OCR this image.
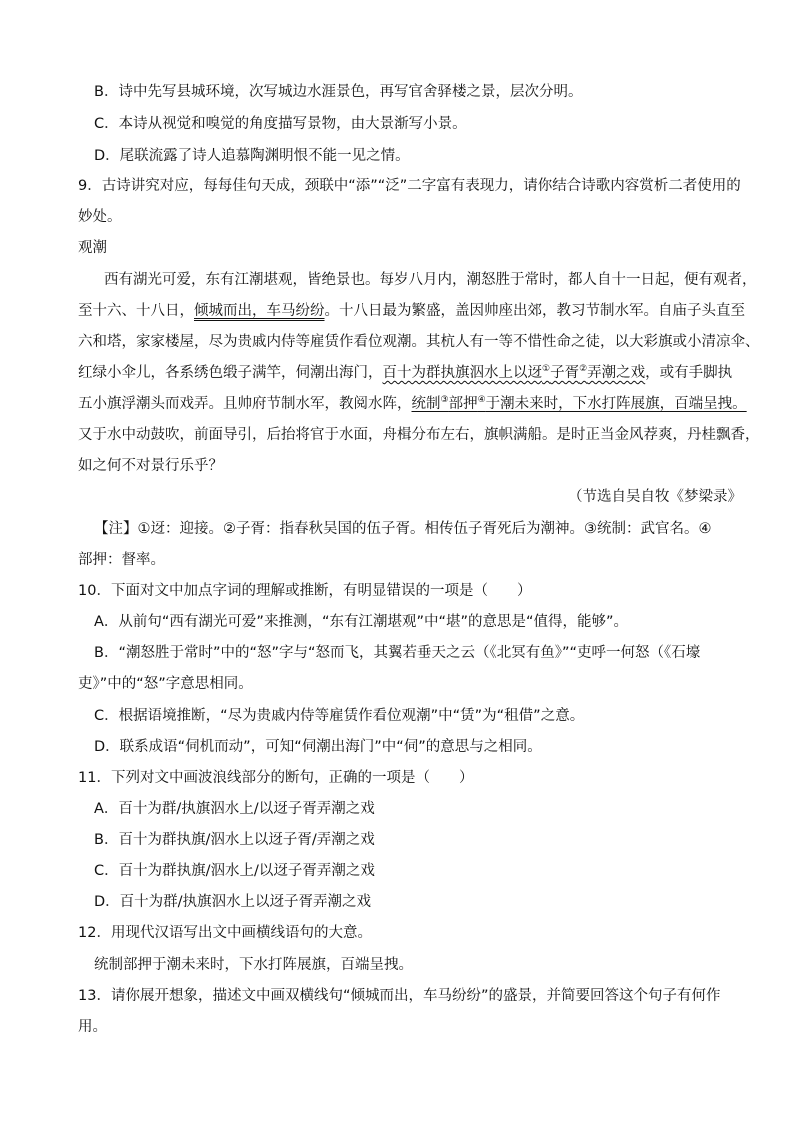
B．诗中先写县城环境，次写城边水涯景色，再写官舍驿楼之景，层次分明。
C．本诗从视觉和嗅觉的角度描写景物，由大景渐写小景。
D．尾联流露了诗人追慕陶渊明恨不能一见之情。
9．古诗讲究对应，每每佳句天成，颈联中“添”“泛”二字富有表现力，请你结合诗歌内容赏析二者使用的
妙处。
观潮
西有湖光可爱，东有江潮堪观，皆绝景也。每岁八月内，潮怒胜于常时，都人自十一日起，便有观者，
至十六、十八日，倾城而出，车马纷纷。十八日最为繁盛，盖因帅座出郊，教习节制水军。自庙子头直至
六和塔，家家楼屋，尽为贵戚内侍等雇赁作看位观潮。其杭人有一等不惜性命之徒，以大彩旗或小清凉伞、
红绿小伞儿，各系绣色缎子满竿，伺潮出海门，百十为群执旗泅水上以迓①子胥②弄潮之戏，或有手脚执
五小旗浮潮头而戏弄。且帅府节制水军，教阅水阵，统制③部押④于潮未来时，下水打阵展旗，百端呈拽。
又于水中动鼓吹，前面导引，后抬将官于水面，舟楫分布左右，旗帜满船。是时正当金风荐爽，丹桂飘香，
如之何不对景行乐乎？
（节选自吴自牧《梦梁录》
【注】①迓：迎接。②子胥：指春秋吴国的伍子胥。相传伍子胥死后为潮神。③统制：武官名。④
部押：督率。
10．下面对文中加点字词的理解或推断，有明显错误的一项是（　　）
A．从前句“西有湖光可爱”来推测，“东有江潮堪观”中“堪”的意思是“值得，能够”。
B．“潮怒胜于常时”中的“怒”字与“怒而飞，其翼若垂天之云（《北冥有鱼》”“吏呼一何怒（《石壕
吏》”中的“怒”字意思相同。
C．根据语境推断，“尽为贵戚内侍等雇赁作看位观潮”中“赁”为“租借”之意。
D．联系成语“伺机而动”，可知“伺潮出海门”中“伺”的意思与之相同。
11．下列对文中画波浪线部分的断句，正确的一项是（　　）
A．百十为群/执旗泅水上/以迓子胥弄潮之戏
B．百十为群执旗/泅水上以迓子胥/弄潮之戏
C．百十为群执旗/泅水上/以迓子胥弄潮之戏
D．百十为群/执旗泅水上以迓子胥弄潮之戏
12．用现代汉语写出文中画横线语句的大意。
统制部押于潮未来时，下水打阵展旗，百端呈拽。
13．请你展开想象，描述文中画双横线句“倾城而出，车马纷纷”的盛景，并简要回答这个句子有何作
用。
